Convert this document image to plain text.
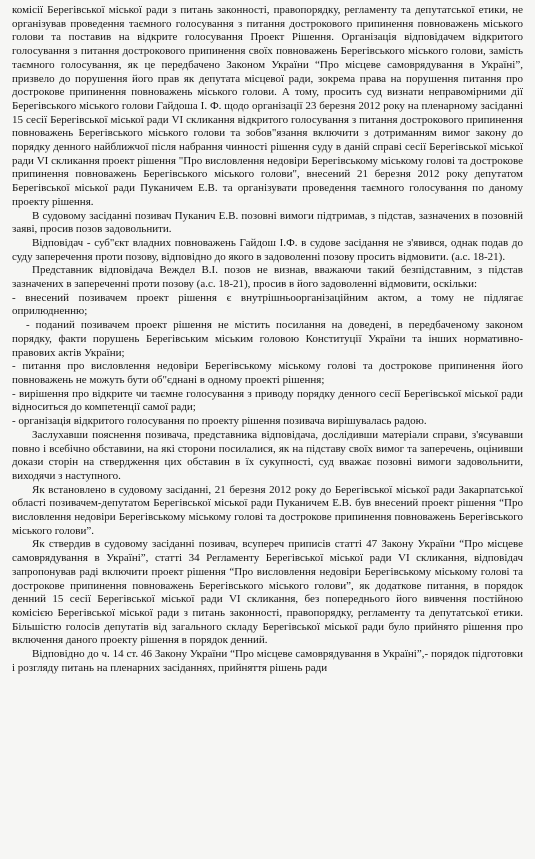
комісії Берегівської міської ради з питань законності, правопорядку, регламенту та депутатської етики, не організував проведення таємного голосування з питання дострокового припинення повноважень міського голови та поставив на відкрите голосування Проект Рішення. Організація відповідачем відкритого голосування з питання дострокового припинення своїх повноважень Берегівського міського голови, замість таємного голосування, як це передбачено Законом України “Про місцеве самоврядування в Україні”, призвело до порушення його прав як депутата місцевої ради, зокрема права на порушення питання про дострокове припинення повноважень міського голови. А тому, просить суд визнати неправомірними дії Берегівського міського голови Гайдоша І. Ф. щодо організації 23 березня 2012 року на пленарному засіданні 15 сесії Берегівської міської ради VI скликання відкритого голосування з питання дострокового припинення повноважень Берегівського міського голови та зобов"язання включити з дотриманням вимог закону до порядку денного найближчої після набрання чинності рішення суду в даній справі сесії Берегівської міської ради VI скликання проект рішення "Про висловлення недовіри Берегівському міському голові та дострокове припинення повноважень Берегівського міського голови", внесений 21 березня 2012 року депутатом Берегівської міської ради Пуканичем Е.В. та організувати проведення таємного голосування по даному проекту рішення.

В судовому засіданні позивач Пуканич Е.В. позовні вимоги підтримав, з підстав, зазначених в позовній заяві, просив позов задовольнити.

Відповідач - суб"єкт владних повноважень Гайдош І.Ф. в судове засідання не з'явився, однак подав до суду заперечення проти позову, відповідно до якого в задоволенні позову просить відмовити. (а.с. 18-21).

Представник відповідача Веждел В.І. позов не визнав, вважаючи такий безпідставним, з підстав зазначених в запереченні проти позову (а.с. 18-21), просив в його задоволенні відмовити, оскільки:

- внесений позивачем проект рішення є внутрішньоорганізаційним актом, а тому не підлягає оприлюдненню;

- поданий позивачем проект рішення не містить посилання на доведені, в передбаченому законом порядку, факти порушень Берегівським міським головою Конституції України та інших нормативно-правових актів України;

- питання про висловлення недовіри Берегівському міському голові та дострокове припинення його повноважень не можуть бути об"єднані в одному проекті рішення;

- вирішення про відкрите чи таємне голосування з приводу порядку денного сесії Берегівської міської ради відноситься до компетенції самої ради;

- організація відкритого голосування по проекту рішення позивача вирішувалась радою.

Заслухавши пояснення позивача, представника відповідача, дослідивши матеріали справи, з'ясувавши повно і всебічно обставини, на які сторони посилалися, як на підставу своїх вимог та заперечень, оцінивши докази сторін на ствердження цих обставин в їх сукупності, суд вважає позовні вимоги задовольнити, виходячи з наступного.

Як встановлено в судовому засіданні, 21 березня 2012 року до Берегівської міської ради Закарпатської області позивачем-депутатом Берегівської міської ради Пуканичем Е.В. був внесений проект рішення “Про висловлення недовіри Берегівському міському голові та дострокове припинення повноважень Берегівського міського голови”.

Як ствердив в судовому засіданні позивач, всупереч приписів статті 47 Закону України “Про місцеве самоврядування в Україні”, статті 34 Регламенту Берегівської міської ради VI скликання, відповідач запропонував раді включити проект рішення “Про висловлення недовіри Берегівському міському голові та дострокове припинення повноважень Берегівського міського голови”, як додаткове питання, в порядок денний 15 сесії Берегівської міської ради VI скликання, без попереднього його вивчення постійною комісією Берегівської міської ради з питань законності, правопорядку, регламенту та депутатської етики. Більшістю голосів депутатів від загального складу Берегівської міської ради було прийнято рішення про включення даного проекту рішення в порядок денний.

Відповідно до ч. 14 ст. 46 Закону України “Про місцеве самоврядування в Україні”,- порядок підготовки і розгляду питань на пленарних засіданнях, прийняття рішень ради
